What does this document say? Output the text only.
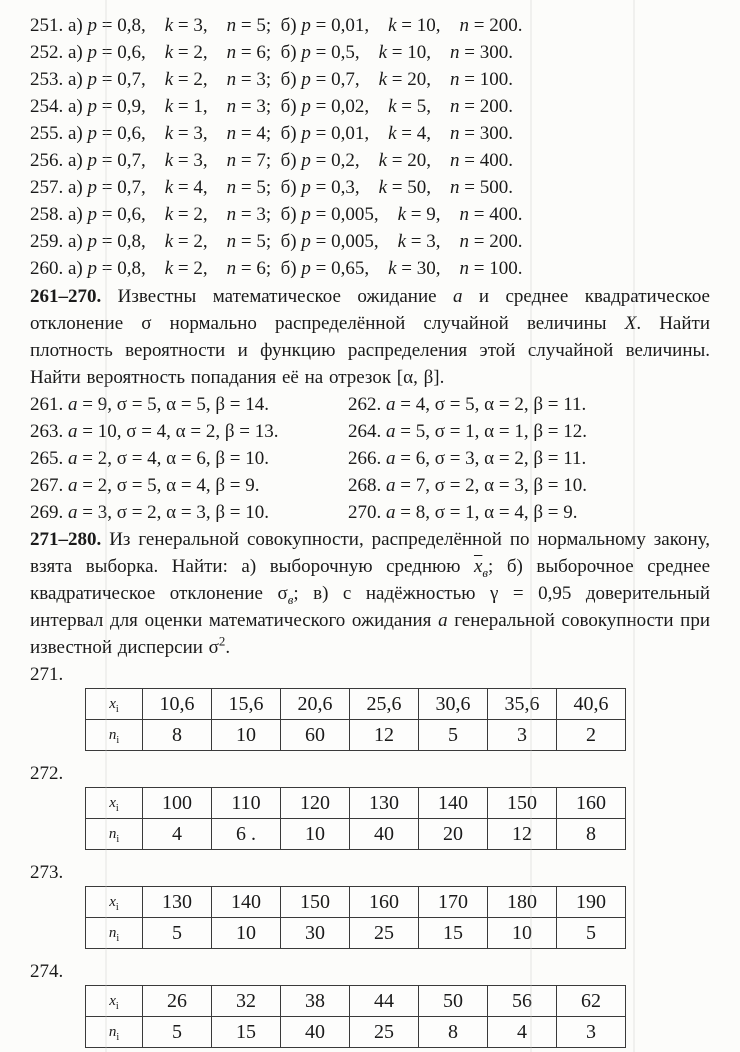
251. а) p = 0,8,  k = 3,  n = 5; б) p = 0,01,  k = 10,  n = 200.
252. а) p = 0,6,  k = 2,  n = 6; б) p = 0,5,  k = 10,  n = 300.
253. а) p = 0,7,  k = 2,  n = 3; б) p = 0,7,  k = 20,  n = 100.
254. а) p = 0,9,  k = 1,  n = 3; б) p = 0,02,  k = 5,  n = 200.
255. а) p = 0,6,  k = 3,  n = 4; б) p = 0,01,  k = 4,  n = 300.
256. а) p = 0,7,  k = 3,  n = 7; б) p = 0,2,  k = 20,  n = 400.
257. а) p = 0,7,  k = 4,  n = 5; б) p = 0,3,  k = 50,  n = 500.
258. а) p = 0,6,  k = 2,  n = 3; б) p = 0,005,  k = 9,  n = 400.
259. а) p = 0,8,  k = 2,  n = 5; б) p = 0,005,  k = 3,  n = 200.
260. а) p = 0,8,  k = 2,  n = 6; б) p = 0,65,  k = 30,  n = 100.

261–270. Известны математическое ожидание a и среднее квадратическое отклонение σ нормально распределённой случайной величины X. Найти плотность вероятности и функцию распределения этой случайной величины. Найти вероятность попадания её на отрезок [α, β].

261. a = 9, σ = 5, α = 5, β = 14.	262. a = 4, σ = 5, α = 2, β = 11.
263. a = 10, σ = 4, α = 2, β = 13.	264. a = 5, σ = 1, α = 1, β = 12.
265. a = 2, σ = 4, α = 6, β = 10.	266. a = 6, σ = 3, α = 2, β = 11.
267. a = 2, σ = 5, α = 4, β = 9.	268. a = 7, σ = 2, α = 3, β = 10.
269. a = 3, σ = 2, α = 3, β = 10.	270. a = 8, σ = 1, α = 4, β = 9.

271–280. Из генеральной совокупности, распределённой по нормальному закону, взята выборка. Найти: а) выборочную среднюю $\overline{x}_в$; б) выборочное среднее квадратическое отклонение $\sigma_в$; в) с надёжностью γ = 0,95 доверительный интервал для оценки математического ожидания a генеральной совокупности при известной дисперсии $\sigma^2$.

271.
$x_i$	10,6	15,6	20,6	25,6	30,6	35,6	40,6
$n_i$	8	10	60	12	5	3	2
272.
$x_i$	100	110	120	130	140	150	160
$n_i$	4	6 .	10	40	20	12	8
273.
$x_i$	130	140	150	160	170	180	190
$n_i$	5	10	30	25	15	10	5
274.
$x_i$	26	32	38	44	50	56	62
$n_i$	5	15	40	25	8	4	3
